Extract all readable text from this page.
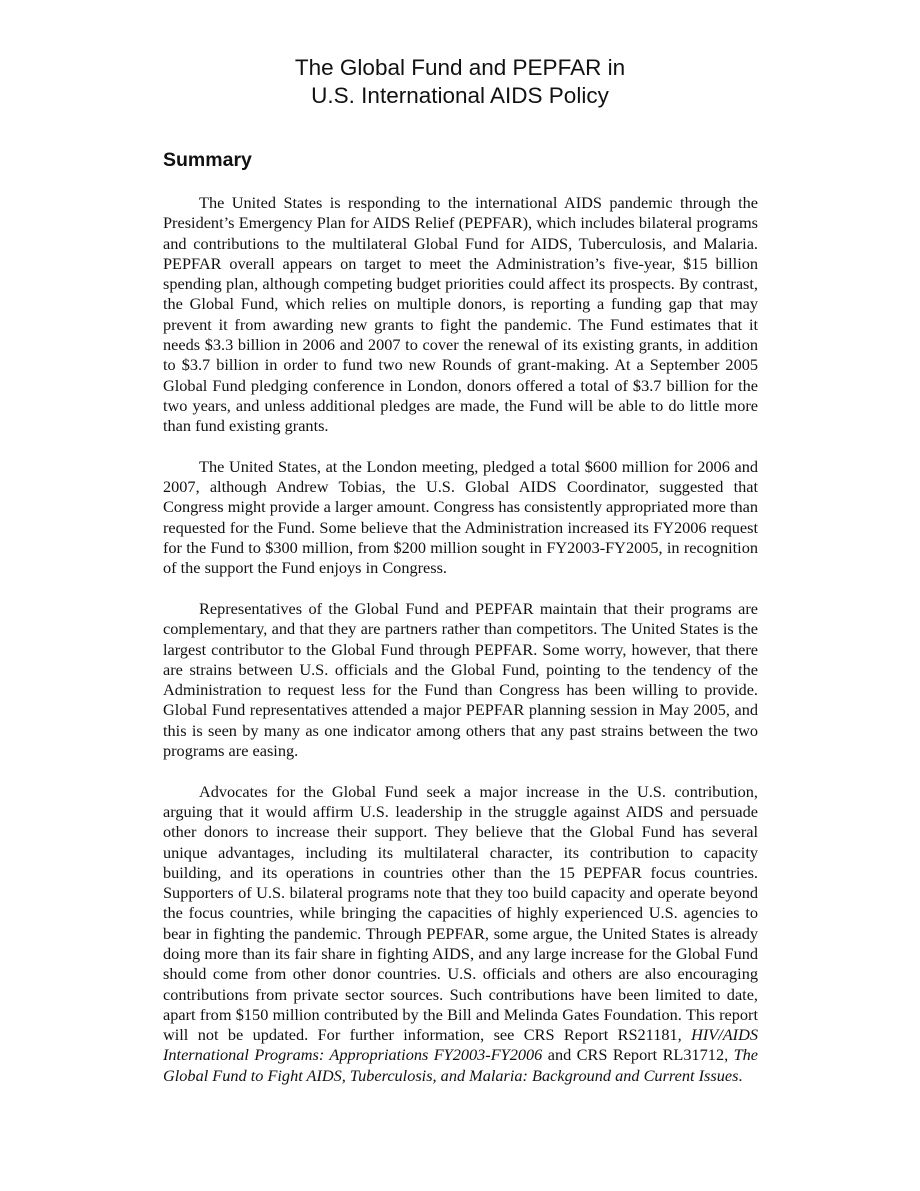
The Global Fund and PEPFAR in
U.S. International AIDS Policy
Summary

The United States is responding to the international AIDS pandemic through the President’s Emergency Plan for AIDS Relief (PEPFAR), which includes bilateral programs and contributions to the multilateral Global Fund for AIDS, Tuberculosis, and Malaria. PEPFAR overall appears on target to meet the Administration’s five-year, $15 billion spending plan, although competing budget priorities could affect its prospects. By contrast, the Global Fund, which relies on multiple donors, is reporting a funding gap that may prevent it from awarding new grants to fight the pandemic. The Fund estimates that it needs $3.3 billion in 2006 and 2007 to cover the renewal of its existing grants, in addition to $3.7 billion in order to fund two new Rounds of grant-making. At a September 2005 Global Fund pledging conference in London, donors offered a total of $3.7 billion for the two years, and unless additional pledges are made, the Fund will be able to do little more than fund existing grants.

The United States, at the London meeting, pledged a total $600 million for 2006 and 2007, although Andrew Tobias, the U.S. Global AIDS Coordinator, suggested that Congress might provide a larger amount. Congress has consistently appropriated more than requested for the Fund. Some believe that the Administration increased its FY2006 request for the Fund to $300 million, from $200 million sought in FY2003-FY2005, in recognition of the support the Fund enjoys in Congress.

Representatives of the Global Fund and PEPFAR maintain that their programs are complementary, and that they are partners rather than competitors. The United States is the largest contributor to the Global Fund through PEPFAR. Some worry, however, that there are strains between U.S. officials and the Global Fund, pointing to the tendency of the Administration to request less for the Fund than Congress has been willing to provide. Global Fund representatives attended a major PEPFAR planning session in May 2005, and this is seen by many as one indicator among others that any past strains between the two programs are easing.

Advocates for the Global Fund seek a major increase in the U.S. contribution, arguing that it would affirm U.S. leadership in the struggle against AIDS and persuade other donors to increase their support. They believe that the Global Fund has several unique advantages, including its multilateral character, its contribution to capacity building, and its operations in countries other than the 15 PEPFAR focus countries. Supporters of U.S. bilateral programs note that they too build capacity and operate beyond the focus countries, while bringing the capacities of highly experienced U.S. agencies to bear in fighting the pandemic. Through PEPFAR, some argue, the United States is already doing more than its fair share in fighting AIDS, and any large increase for the Global Fund should come from other donor countries. U.S. officials and others are also encouraging contributions from private sector sources. Such contributions have been limited to date, apart from $150 million contributed by the Bill and Melinda Gates Foundation. This report will not be updated. For further information, see CRS Report RS21181, HIV/AIDS International Programs: Appropriations FY2003-FY2006 and CRS Report RL31712, The Global Fund to Fight AIDS, Tuberculosis, and Malaria: Background and Current Issues.
